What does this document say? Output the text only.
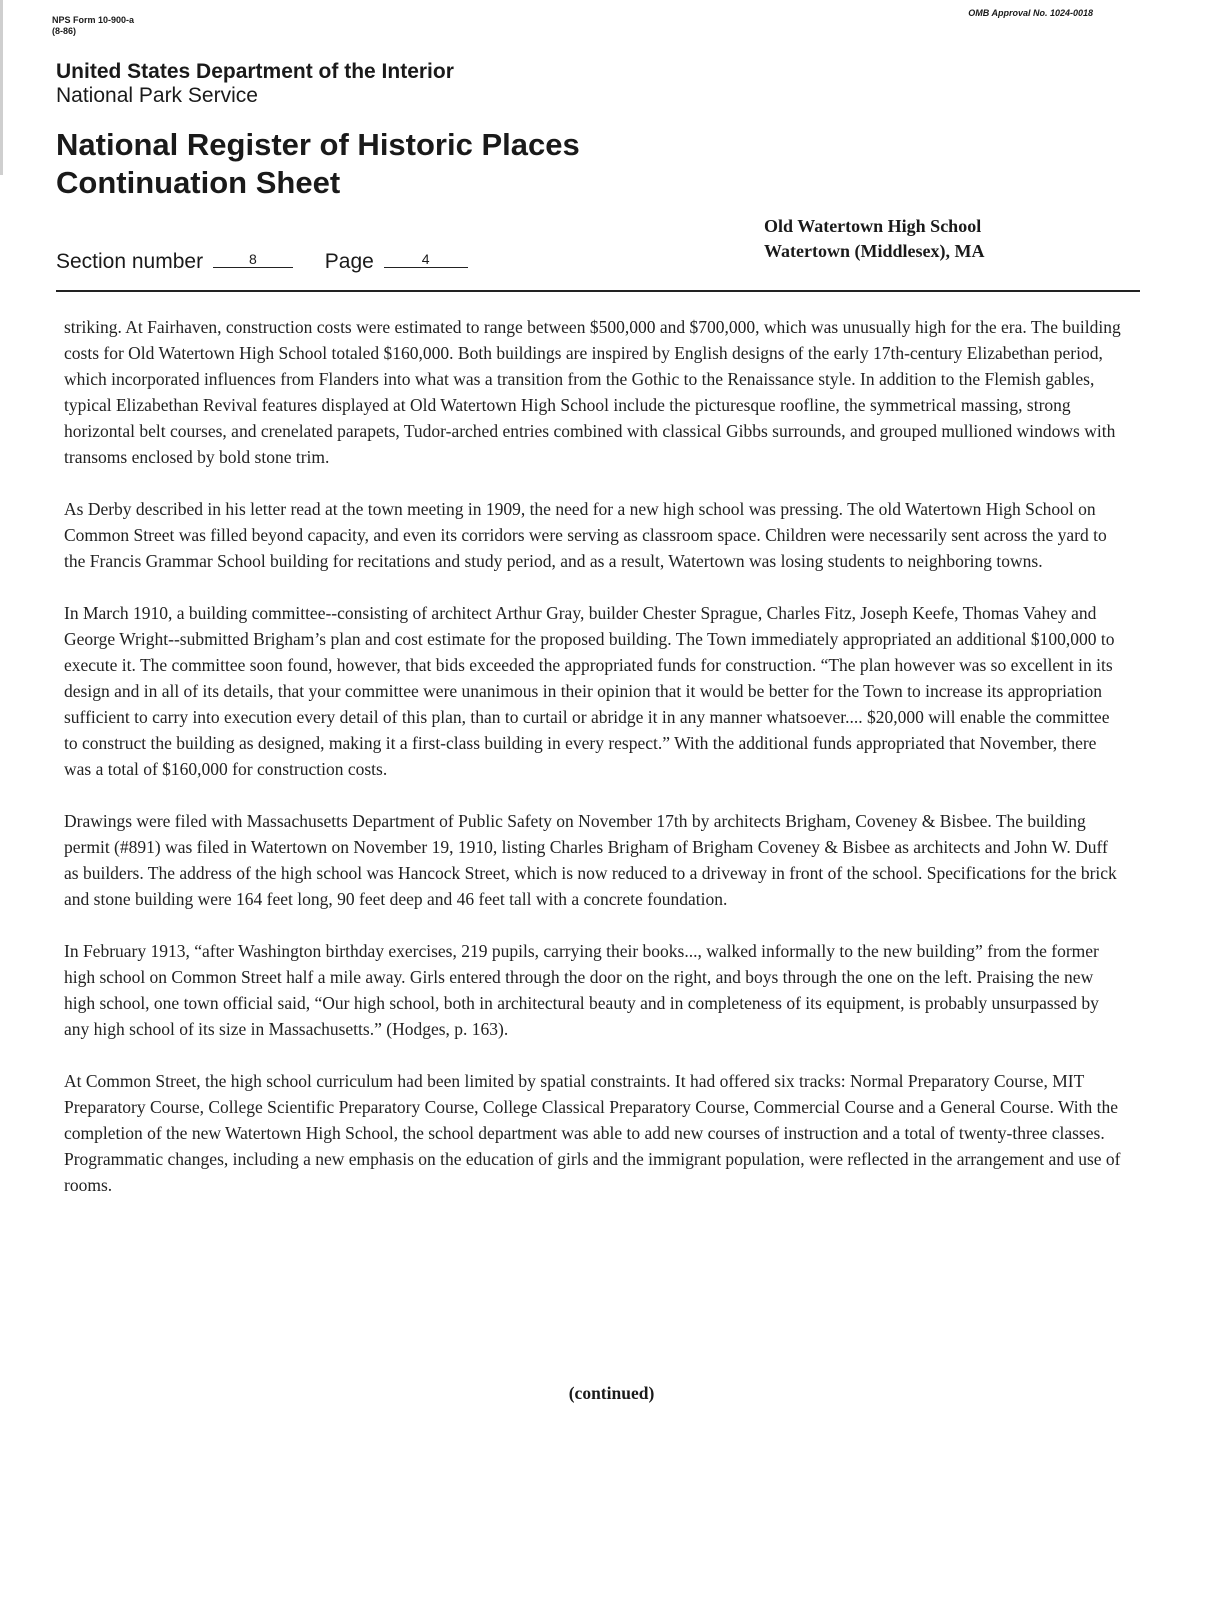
NPS Form 10-900-a
(8-86)
OMB Approval No. 1024-0018
United States Department of the Interior
National Park Service
National Register of Historic Places
Continuation Sheet
Old Watertown High School
Watertown (Middlesex), MA
Section number	8	Page	4

striking. At Fairhaven, construction costs were estimated to range between $500,000 and $700,000, which was unusually high for the era. The building costs for Old Watertown High School totaled $160,000. Both buildings are inspired by English designs of the early 17th-century Elizabethan period, which incorporated influences from Flanders into what was a transition from the Gothic to the Renaissance style. In addition to the Flemish gables, typical Elizabethan Revival features displayed at Old Watertown High School include the picturesque roofline, the symmetrical massing, strong horizontal belt courses, and crenelated parapets, Tudor-arched entries combined with classical Gibbs surrounds, and grouped mullioned windows with transoms enclosed by bold stone trim.

As Derby described in his letter read at the town meeting in 1909, the need for a new high school was pressing. The old Watertown High School on Common Street was filled beyond capacity, and even its corridors were serving as classroom space. Children were necessarily sent across the yard to the Francis Grammar School building for recitations and study period, and as a result, Watertown was losing students to neighboring towns.

In March 1910, a building committee--consisting of architect Arthur Gray, builder Chester Sprague, Charles Fitz, Joseph Keefe, Thomas Vahey and George Wright--submitted Brigham’s plan and cost estimate for the proposed building. The Town immediately appropriated an additional $100,000 to execute it. The committee soon found, however, that bids exceeded the appropriated funds for construction. “The plan however was so excellent in its design and in all of its details, that your committee were unanimous in their opinion that it would be better for the Town to increase its appropriation sufficient to carry into execution every detail of this plan, than to curtail or abridge it in any manner whatsoever.... $20,000 will enable the committee to construct the building as designed, making it a first-class building in every respect.” With the additional funds appropriated that November, there was a total of $160,000 for construction costs.

Drawings were filed with Massachusetts Department of Public Safety on November 17th by architects Brigham, Coveney & Bisbee. The building permit (#891) was filed in Watertown on November 19, 1910, listing Charles Brigham of Brigham Coveney & Bisbee as architects and John W. Duff as builders. The address of the high school was Hancock Street, which is now reduced to a driveway in front of the school. Specifications for the brick and stone building were 164 feet long, 90 feet deep and 46 feet tall with a concrete foundation.

In February 1913, “after Washington birthday exercises, 219 pupils, carrying their books..., walked informally to the new building” from the former high school on Common Street half a mile away. Girls entered through the door on the right, and boys through the one on the left. Praising the new high school, one town official said, “Our high school, both in architectural beauty and in completeness of its equipment, is probably unsurpassed by any high school of its size in Massachusetts.” (Hodges, p. 163).

At Common Street, the high school curriculum had been limited by spatial constraints. It had offered six tracks: Normal Preparatory Course, MIT Preparatory Course, College Scientific Preparatory Course, College Classical Preparatory Course, Commercial Course and a General Course. With the completion of the new Watertown High School, the school department was able to add new courses of instruction and a total of twenty-three classes. Programmatic changes, including a new emphasis on the education of girls and the immigrant population, were reflected in the arrangement and use of rooms.

(continued)
